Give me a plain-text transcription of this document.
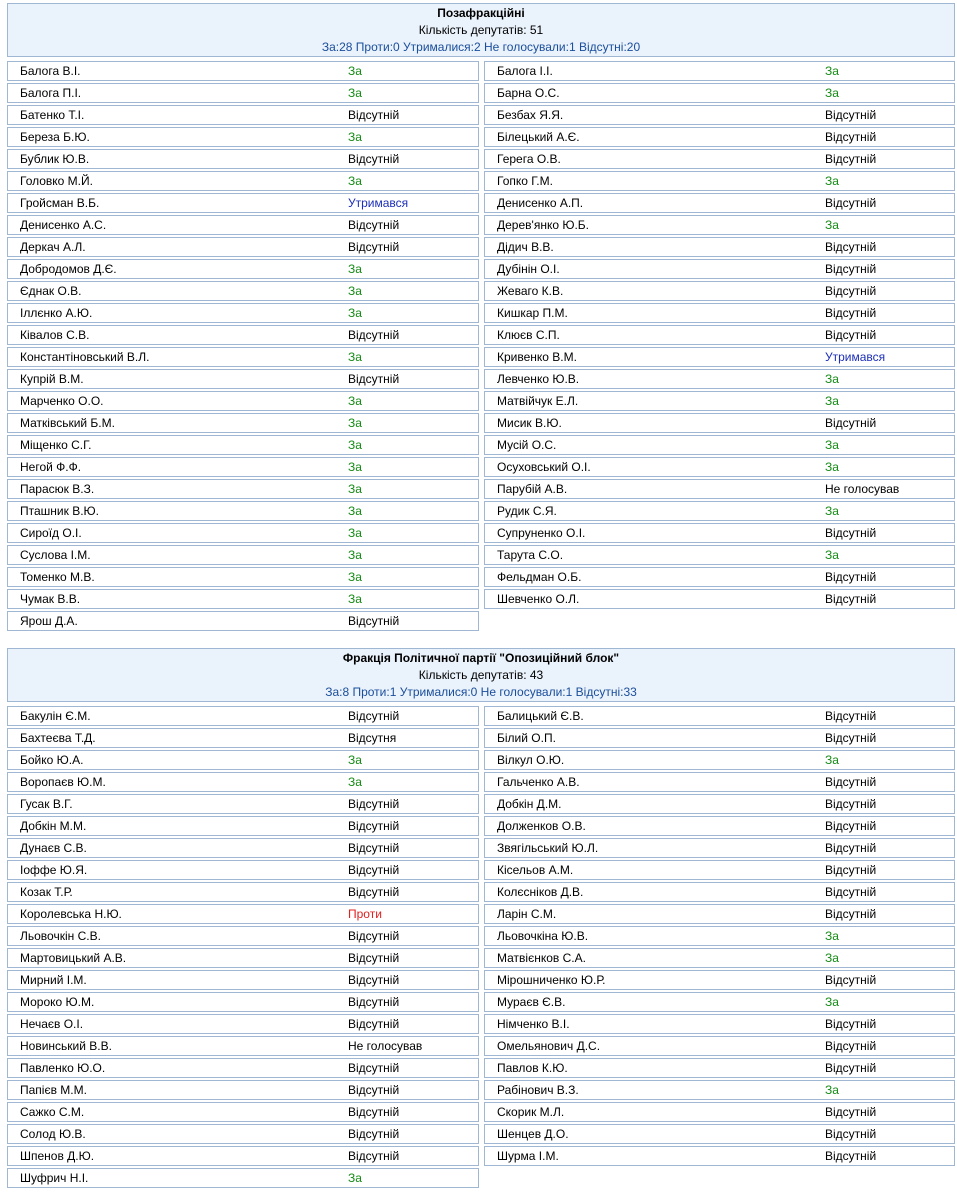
Позафракційні
Кількість депутатів: 51
За:28 Проти:0 Утрималися:2 Не голосували:1 Відсутні:20
Балога В.І.	За	Балога І.І.	За
Балога П.І.	За	Барна О.С.	За
Батенко Т.І.	Відсутній	Безбах Я.Я.	Відсутній
Береза Б.Ю.	За	Білецький А.Є.	Відсутній
Бублик Ю.В.	Відсутній	Герега О.В.	Відсутній
Головко М.Й.	За	Гопко Г.М.	За
Гройсман В.Б.	Утримався	Денисенко А.П.	Відсутній
Денисенко А.С.	Відсутній	Дерев'янко Ю.Б.	За
Деркач А.Л.	Відсутній	Дідич В.В.	Відсутній
Добродомов Д.Є.	За	Дубінін О.І.	Відсутній
Єднак О.В.	За	Жеваго К.В.	Відсутній
Іллєнко А.Ю.	За	Кишкар П.М.	Відсутній
Ківалов С.В.	Відсутній	Клюєв С.П.	Відсутній
Константіновський В.Л.	За	Кривенко В.М.	Утримався
Купрій В.М.	Відсутній	Левченко Ю.В.	За
Марченко О.О.	За	Матвійчук Е.Л.	За
Матківський Б.М.	За	Мисик В.Ю.	Відсутній
Міщенко С.Г.	За	Мусій О.С.	За
Негой Ф.Ф.	За	Осуховський О.І.	За
Парасюк В.З.	За	Парубій А.В.	Не голосував
Пташник В.Ю.	За	Рудик С.Я.	За
Сироїд О.І.	За	Супруненко О.І.	Відсутній
Суслова І.М.	За	Тарута С.О.	За
Томенко М.В.	За	Фельдман О.Б.	Відсутній
Чумак В.В.	За	Шевченко О.Л.	Відсутній
Ярош Д.А.	Відсутній
Фракція Політичної партії "Опозиційний блок"
Кількість депутатів: 43
За:8 Проти:1 Утрималися:0 Не голосували:1 Відсутні:33
Бакулін Є.М.	Відсутній	Балицький Є.В.	Відсутній
Бахтеєва Т.Д.	Відсутня	Білий О.П.	Відсутній
Бойко Ю.А.	За	Вілкул О.Ю.	За
Воропаєв Ю.М.	За	Гальченко А.В.	Відсутній
Гусак В.Г.	Відсутній	Добкін Д.М.	Відсутній
Добкін М.М.	Відсутній	Долженков О.В.	Відсутній
Дунаєв С.В.	Відсутній	Звягільський Ю.Л.	Відсутній
Іоффе Ю.Я.	Відсутній	Кісельов А.М.	Відсутній
Козак Т.Р.	Відсутній	Колєсніков Д.В.	Відсутній
Королевська Н.Ю.	Проти	Ларін С.М.	Відсутній
Льовочкін С.В.	Відсутній	Льовочкіна Ю.В.	За
Мартовицький А.В.	Відсутній	Матвієнков С.А.	За
Мирний І.М.	Відсутній	Мірошниченко Ю.Р.	Відсутній
Мороко Ю.М.	Відсутній	Мураєв Є.В.	За
Нечаєв О.І.	Відсутній	Німченко В.І.	Відсутній
Новинський В.В.	Не голосував	Омельянович Д.С.	Відсутній
Павленко Ю.О.	Відсутній	Павлов К.Ю.	Відсутній
Папієв М.М.	Відсутній	Рабінович В.З.	За
Сажко С.М.	Відсутній	Скорик М.Л.	Відсутній
Солод Ю.В.	Відсутній	Шенцев Д.О.	Відсутній
Шпенов Д.Ю.	Відсутній	Шурма І.М.	Відсутній
Шуфрич Н.І.	За
